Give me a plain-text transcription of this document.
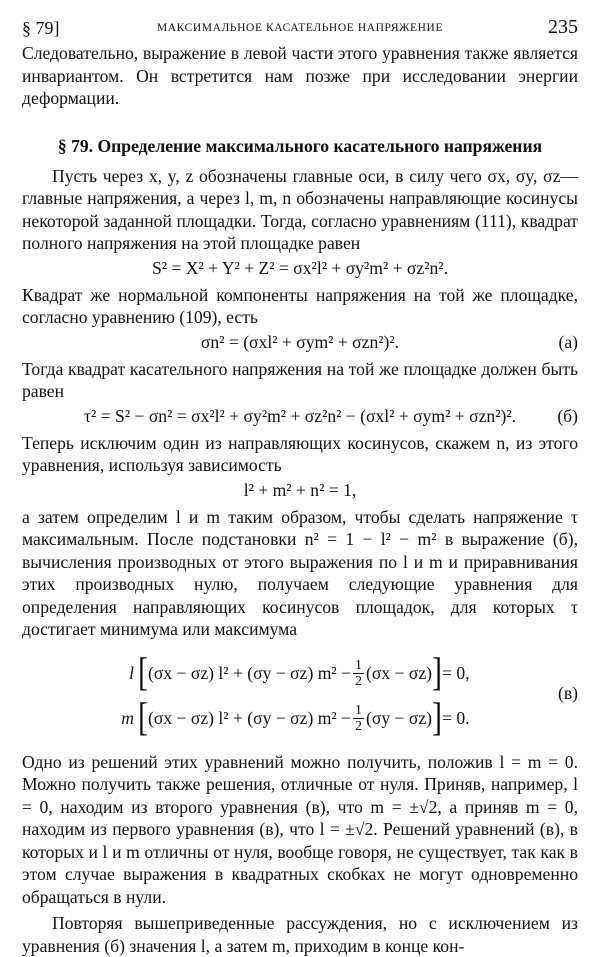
§ 79]	МАКСИМАЛЬНОЕ КАСАТЕЛЬНОЕ НАПРЯЖЕНИЕ	235

Следовательно, выражение в левой части этого уравнения также является инвариантом. Он встретится нам позже при исследовании энергии деформации.

§ 79. Определение максимального касательного напряжения

Пусть через x, y, z обозначены главные оси, в силу чего σx, σy, σz—главные напряжения, а через l, m, n обозначены направляющие косинусы некоторой заданной площадки. Тогда, согласно уравнениям (111), квадрат полного напряжения на этой площадке равен

S² = X² + Y² + Z² = σx²l² + σy²m² + σz²n².

Квадрат же нормальной компоненты напряжения на той же площадке, согласно уравнению (109), есть

σn² = (σxl² + σym² + σzn²)².	(a)

Тогда квадрат касательного напряжения на той же площадке должен быть равен

τ² = S² − σn² = σx²l² + σy²m² + σz²n² − (σxl² + σym² + σzn²)². (б)

Теперь исключим один из направляющих косинусов, скажем n, из этого уравнения, используя зависимость

l² + m² + n² = 1,

а затем определим l и m таким образом, чтобы сделать напряжение τ максимальным. После подстановки n² = 1 − l² − m² в выражение (б), вычисления производных от этого выражения по l и m и приравнивания этих производных нулю, получаем следующие уравнения для определения направляющих косинусов площадок, для которых τ достигает минимума или максимума

l [ (σx − σz) l² + (σy − σz) $m^2 - \frac{1}{2} (\sigma x - \sigma z)$ ] = 0,
m [ (σx − σz) l² + (σy − σz) $m^2 - \frac{1}{2} (\sigma y - \sigma z)$ ] = 0.
(в)

Одно из решений этих уравнений можно получить, положив l = m = 0. Можно получить также решения, отличные от нуля. Приняв, например, l = 0, находим из второго уравнения (в), что m = ±√2, а приняв m = 0, находим из первого уравнения (в), что l = ±√2. Решений уравнений (в), в которых и l и m отличны от нуля, вообще говоря, не существует, так как в этом случае выражения в квадратных скобках не могут одновременно обращаться в нули.

Повторяя вышеприведенные рассуждения, но с исключением из уравнения (б) значения l, а затем m, приходим в конце кон-
